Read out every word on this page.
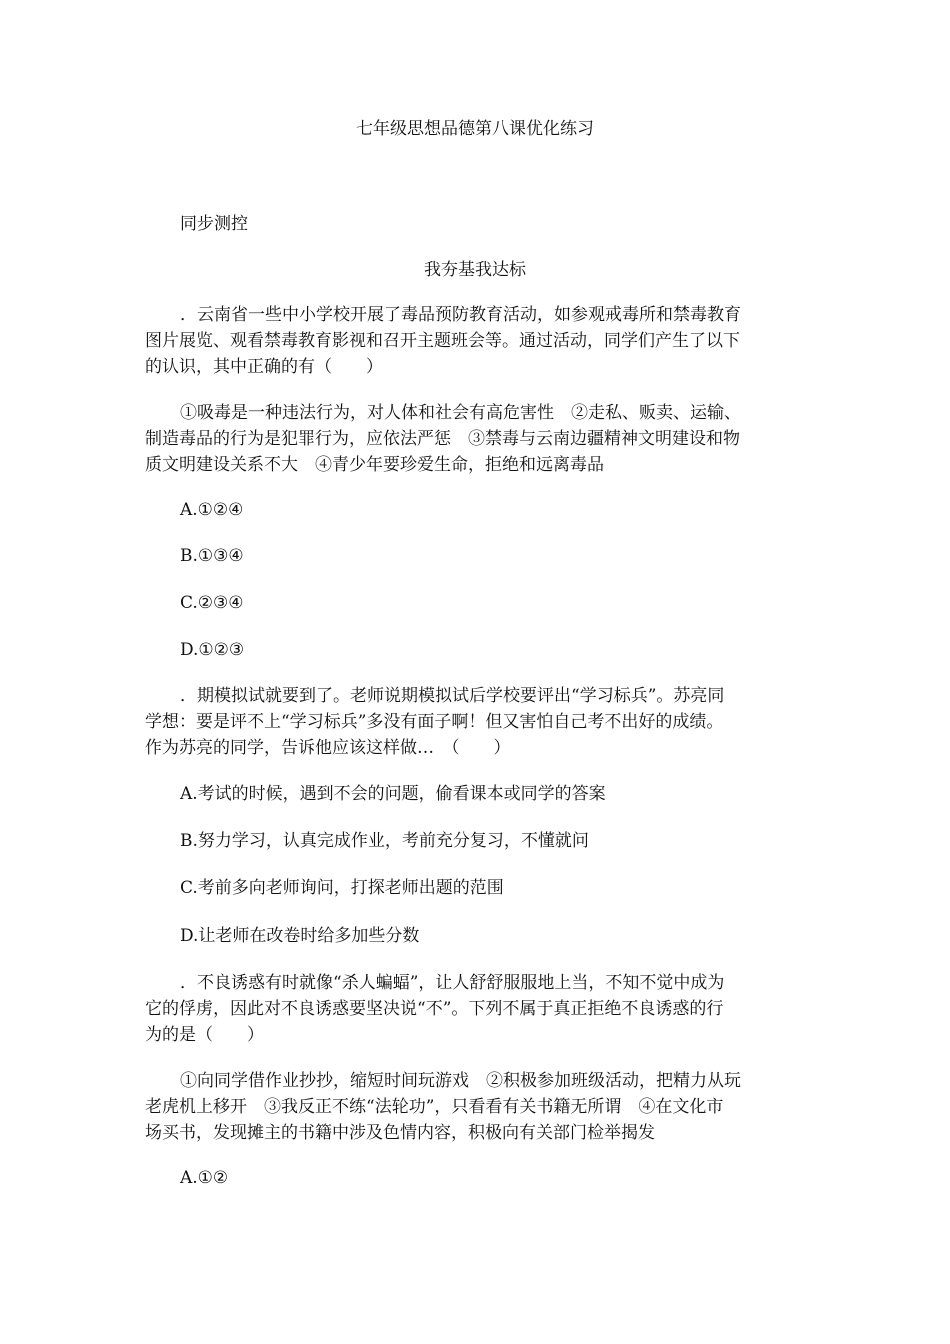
七年级思想品德第八课优化练习
同步测控
我夯基我达标
．云南省一些中小学校开展了毒品预防教育活动，如参观戒毒所和禁毒教育
图片展览、观看禁毒教育影视和召开主题班会等。通过活动，同学们产生了以下
的认识，其中正确的有（　　）
①吸毒是一种违法行为，对人体和社会有高危害性　②走私、贩卖、运输、
制造毒品的行为是犯罪行为，应依法严惩　③禁毒与云南边疆精神文明建设和物
质文明建设关系不大　④青少年要珍爱生命，拒绝和远离毒品
A.①②④
B.①③④
C.②③④
D.①②③
．期模拟试就要到了。老师说期模拟试后学校要评出“学习标兵”。苏亮同
学想：要是评不上“学习标兵”多没有面子啊！但又害怕自己考不出好的成绩。
作为苏亮的同学，告诉他应该这样做…　（　　）
A.考试的时候，遇到不会的问题，偷看课本或同学的答案
B.努力学习，认真完成作业，考前充分复习，不懂就问
C.考前多向老师询问，打探老师出题的范围
D.让老师在改卷时给多加些分数
．不良诱惑有时就像“杀人蝙蝠”，让人舒舒服服地上当，不知不觉中成为
它的俘虏，因此对不良诱惑要坚决说“不”。下列不属于真正拒绝不良诱惑的行
为的是（　　）
①向同学借作业抄抄，缩短时间玩游戏　②积极参加班级活动，把精力从玩
老虎机上移开　③我反正不练“法轮功”，只看看有关书籍无所谓　④在文化市
场买书，发现摊主的书籍中涉及色情内容，积极向有关部门检举揭发
A.①②
